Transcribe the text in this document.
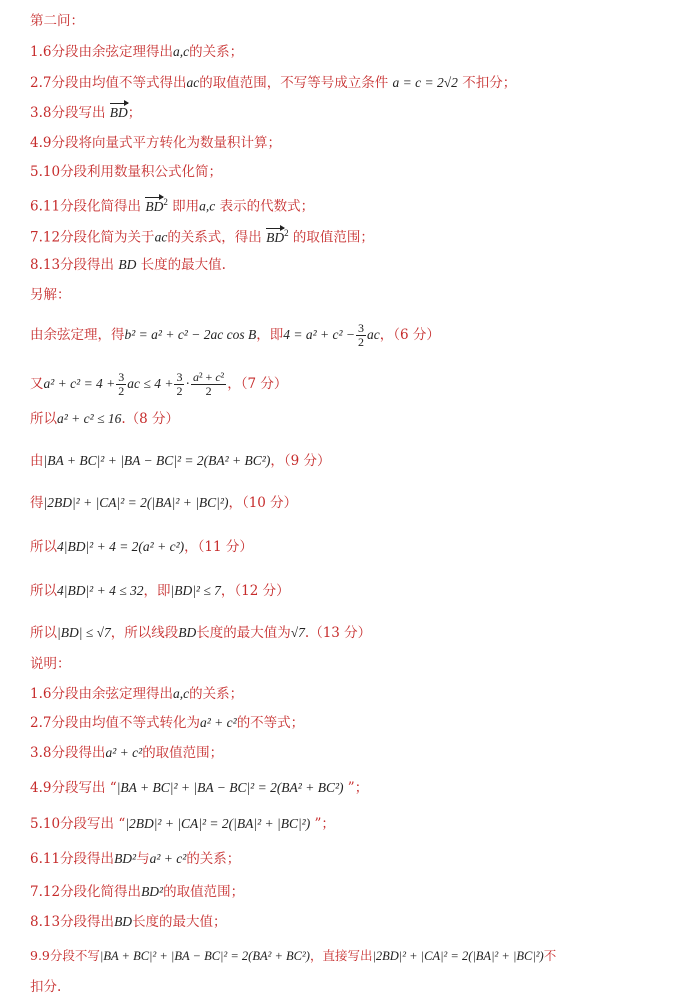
第二问：
1.6分段由余弦定理得出a,c的关系；
2.7分段由均值不等式得出ac的取值范围，不写等号成立条件 a = c = 2√2 不扣分；
3.8分段写出 BD；
4.9分段将向量式平方转化为数量积计算；
5.10分段利用数量积公式化简；
6.11分段化简得出 $BD^2$ 即用a,c 表示的代数式；
7.12分段化简为关于ac的关系式，得出 $BD^2$ 的取值范围；
8.13分段得出 BD 长度的最大值.
另解：
由余弦定理，得b² = a² + c² − 2ac cos B，即$4 = a^2 + c^2 - \frac{3}{2}$ ac，（6 分）
又$a^2 + c^2 = 4 + \frac{3}{2}$ ac ≤ $4 + \frac{3}{2} \cdot \frac{\text{a² + c²}}{2}$ ，（7 分）
所以a² + c² ≤ 16.（8 分）
由|BA + BC|² + |BA − BC|² = 2(BA² + BC²)，（9 分）
得|2BD|² + |CA|² = 2(|BA|² + |BC|²)，（10 分）
所以4|BD|² + 4 = 2(a² + c²)，（11 分）
所以4|BD|² + 4 ≤ 32，即|BD|² ≤ 7，（12 分）
所以|BD| ≤ √7，所以线段BD长度的最大值为√7.（13 分）
说明：
1.6分段由余弦定理得出a,c的关系；
2.7分段由均值不等式转化为a² + c²的不等式；
3.8分段得出a² + c²的取值范围；
4.9分段写出 “|BA + BC|² + |BA − BC|² = 2(BA² + BC²) ”；
5.10分段写出 “|2BD|² + |CA|² = 2(|BA|² + |BC|²) ”；
6.11分段得出BD²与a² + c²的关系；
7.12分段化简得出BD²的取值范围；
8.13分段得出BD长度的最大值；
9.9分段不写|BA + BC|² + |BA − BC|² = 2(BA² + BC²)，直接写出|2BD|² + |CA|² = 2(|BA|² + |BC|²)不
扣分.
